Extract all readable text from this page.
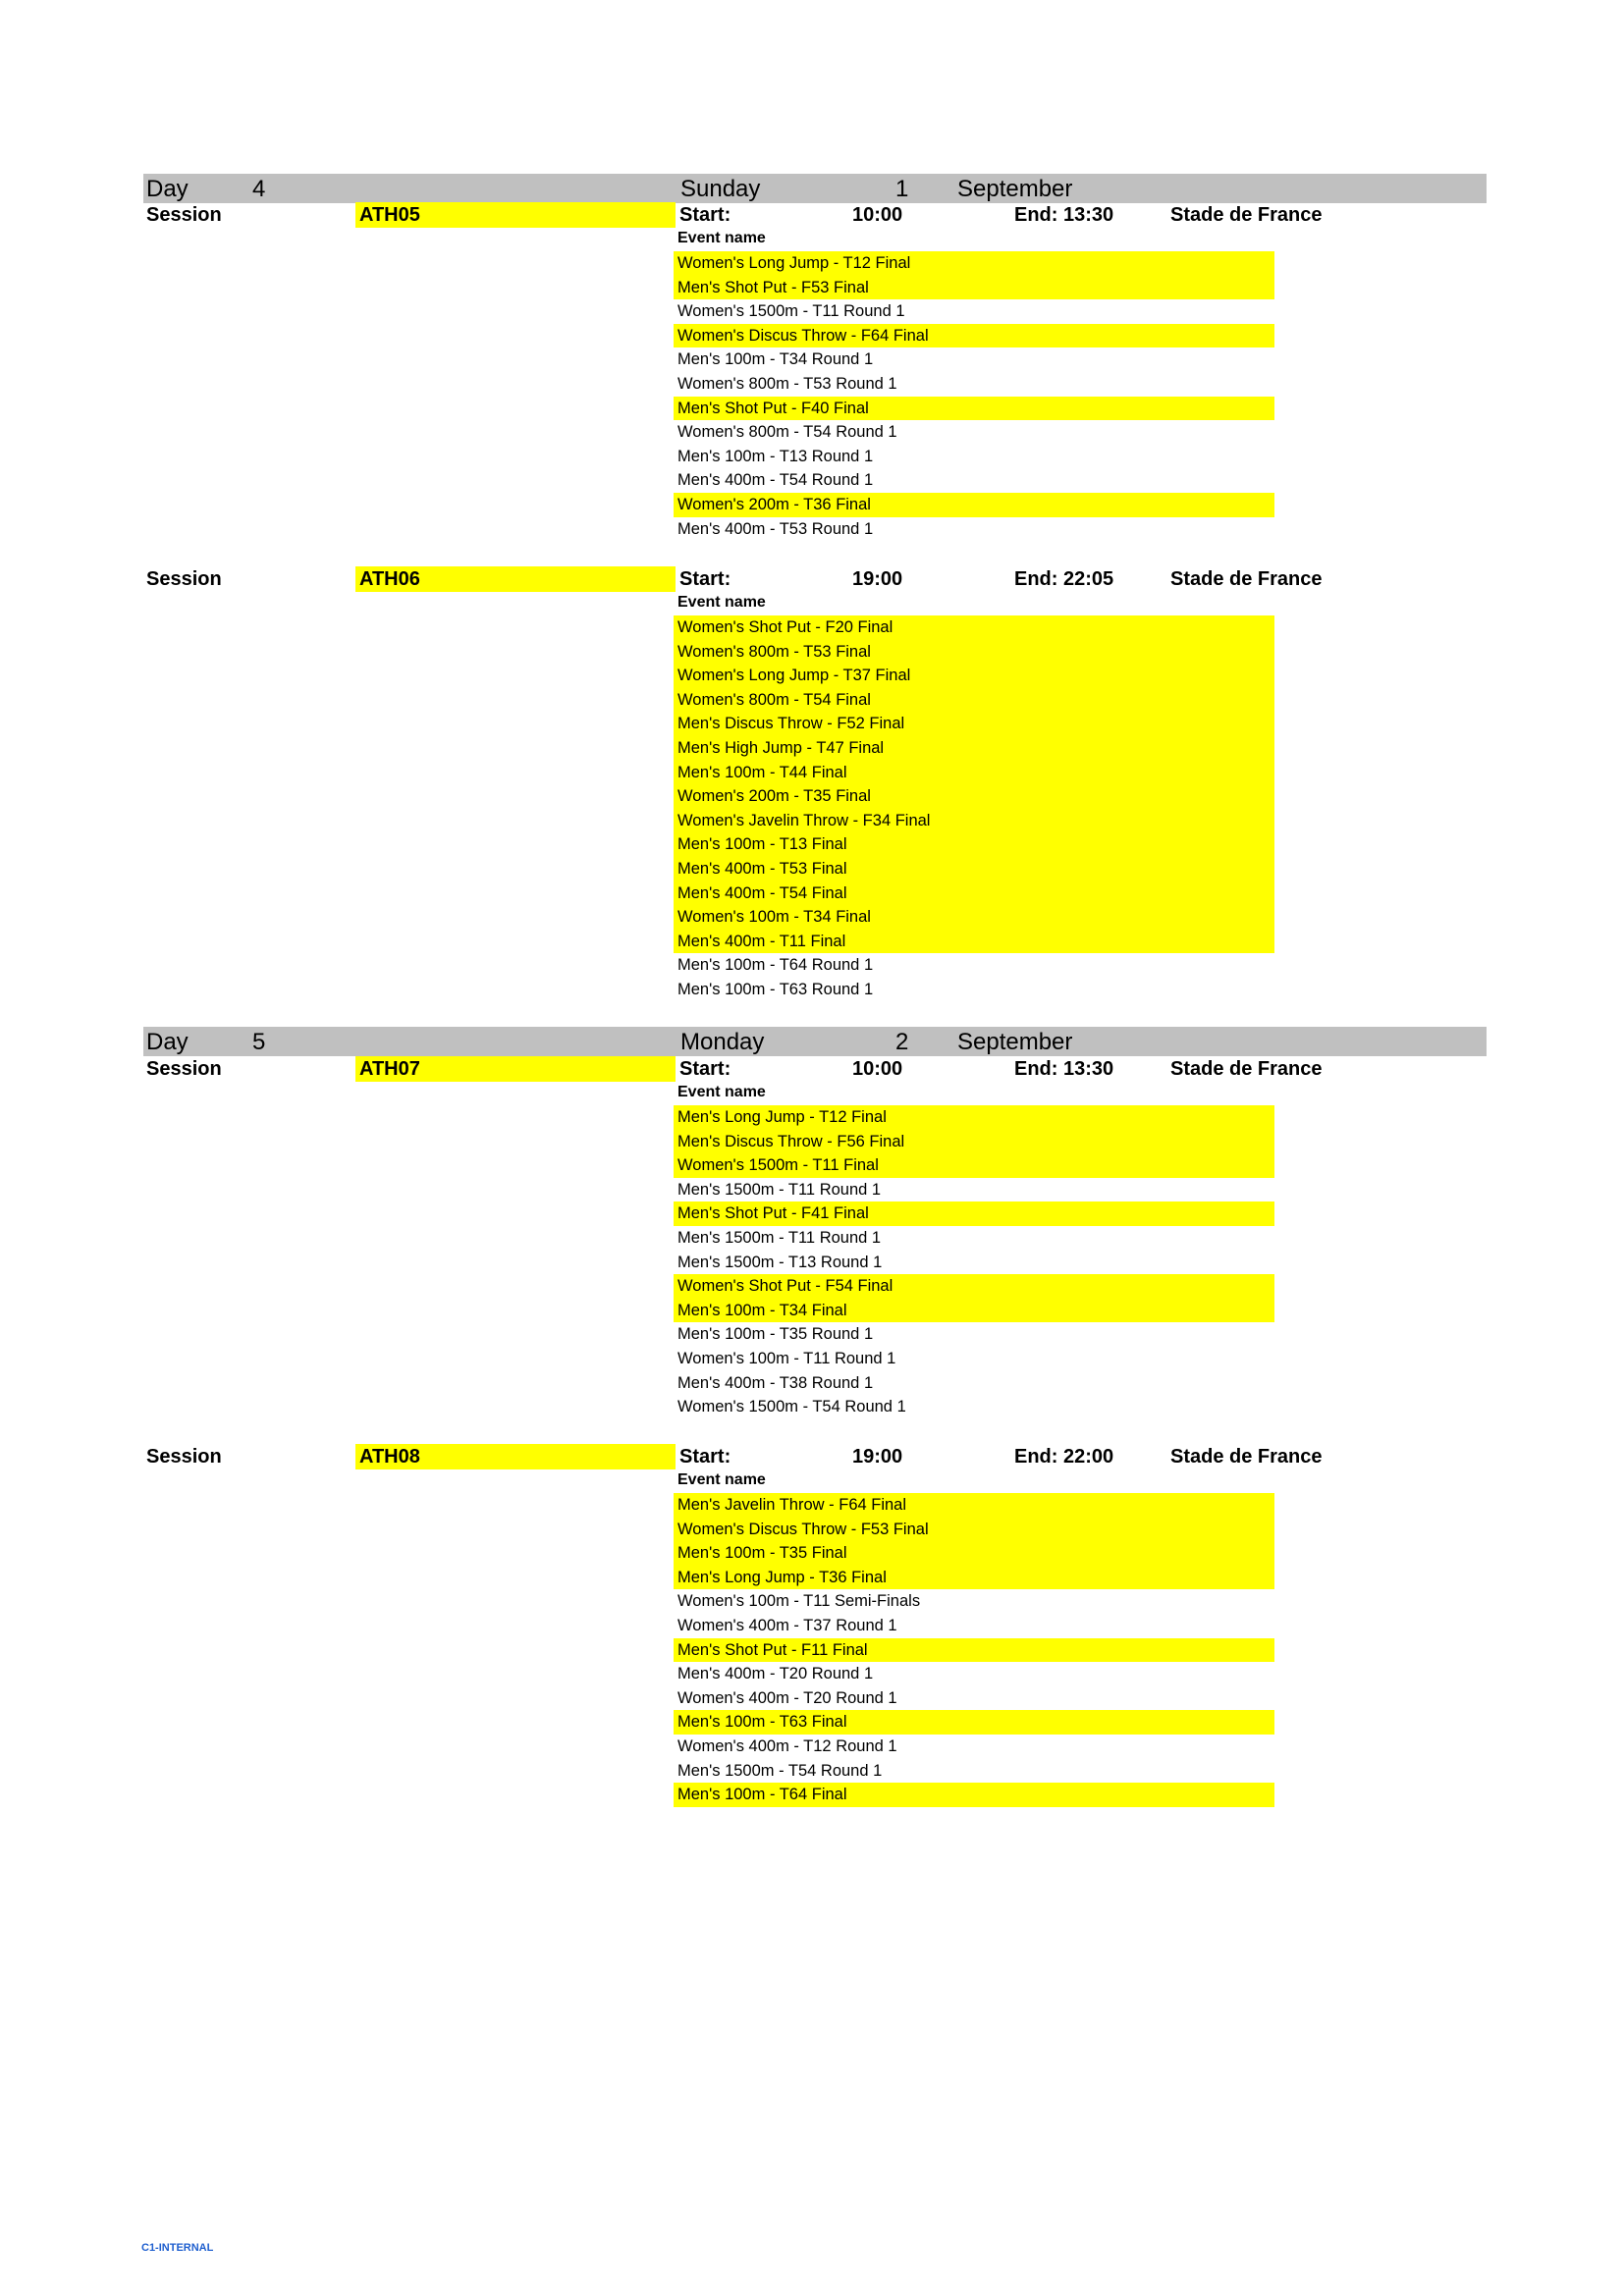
Day	4	Sunday	1 September
Session	ATH05	Start:	10:00	End: 13:30	Stade de France
Event name
Women's Long Jump - T12 Final
Men's Shot Put - F53 Final
Women's 1500m - T11 Round 1
Women's Discus Throw - F64 Final
Men's 100m - T34 Round 1
Women's 800m - T53 Round 1
Men's Shot Put - F40 Final
Women's 800m - T54 Round 1
Men's 100m - T13 Round 1
Men's 400m - T54 Round 1
Women's 200m - T36 Final
Men's 400m - T53 Round 1
Session	ATH06	Start:	19:00	End: 22:05	Stade de France
Event name
Women's Shot Put - F20 Final
Women's 800m - T53 Final
Women's Long Jump - T37 Final
Women's 800m - T54 Final
Men's Discus Throw - F52 Final
Men's High Jump - T47 Final
Men's 100m - T44 Final
Women's 200m - T35 Final
Women's Javelin Throw - F34 Final
Men's 100m - T13 Final
Men's 400m - T53 Final
Men's 400m - T54 Final
Women's 100m - T34 Final
Men's 400m - T11 Final
Men's 100m - T64 Round 1
Men's 100m - T63 Round 1
Day	5	Monday	2 September
Session	ATH07	Start:	10:00	End: 13:30	Stade de France
Event name
Men's Long Jump - T12 Final
Men's Discus Throw - F56 Final
Women's 1500m - T11 Final
Men's 1500m - T11 Round 1
Men's Shot Put - F41 Final
Men's 1500m - T11 Round 1
Men's 1500m - T13 Round 1
Women's Shot Put - F54 Final
Men's 100m - T34 Final
Men's 100m - T35 Round 1
Women's 100m - T11 Round 1
Men's 400m - T38 Round 1
Women's 1500m - T54 Round 1
Session	ATH08	Start:	19:00	End: 22:00	Stade de France
Event name
Men's Javelin Throw - F64 Final
Women's Discus Throw - F53 Final
Men's 100m - T35 Final
Men's Long Jump - T36 Final
Women's 100m - T11 Semi-Finals
Women's 400m - T37 Round 1
Men's Shot Put - F11 Final
Men's 400m - T20 Round 1
Women's 400m - T20 Round 1
Men's 100m - T63 Final
Women's 400m - T12 Round 1
Men's 1500m - T54 Round 1
Men's 100m - T64 Final
C1-INTERNAL
